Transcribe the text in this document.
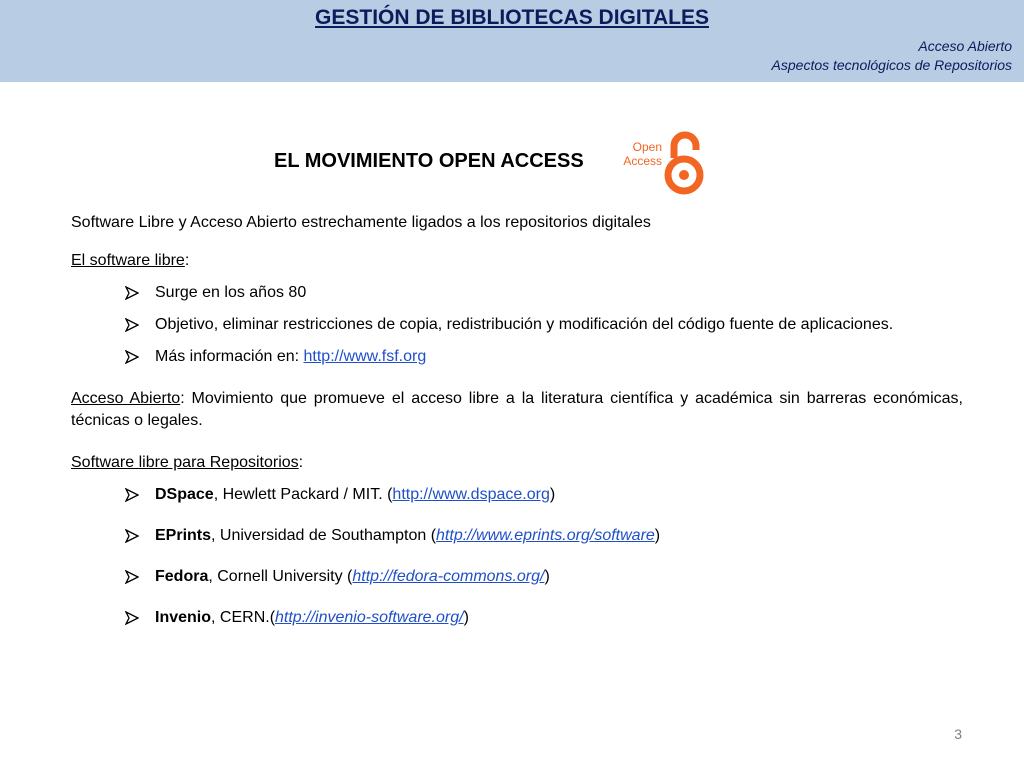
GESTIÓN DE BIBLIOTECAS DIGITALES
Acceso Abierto
Aspectos tecnológicos de Repositorios
EL MOVIMIENTO OPEN ACCESS
Open
Access

Software Libre y Acceso Abierto estrechamente ligados a los repositorios digitales

El software libre:

Surge en los años 80
Objetivo, eliminar restricciones de copia, redistribución y modificación del código fuente de aplicaciones.
Más información en: http://www.fsf.org

Acceso Abierto: Movimiento que promueve el acceso libre a la literatura científica y académica sin barreras económicas, técnicas o legales.

Software libre para Repositorios:

DSpace, Hewlett Packard / MIT. (http://www.dspace.org)
EPrints, Universidad de Southampton (http://www.eprints.org/software)
Fedora, Cornell University (http://fedora-commons.org/)
Invenio, CERN.(http://invenio-software.org/)
3
